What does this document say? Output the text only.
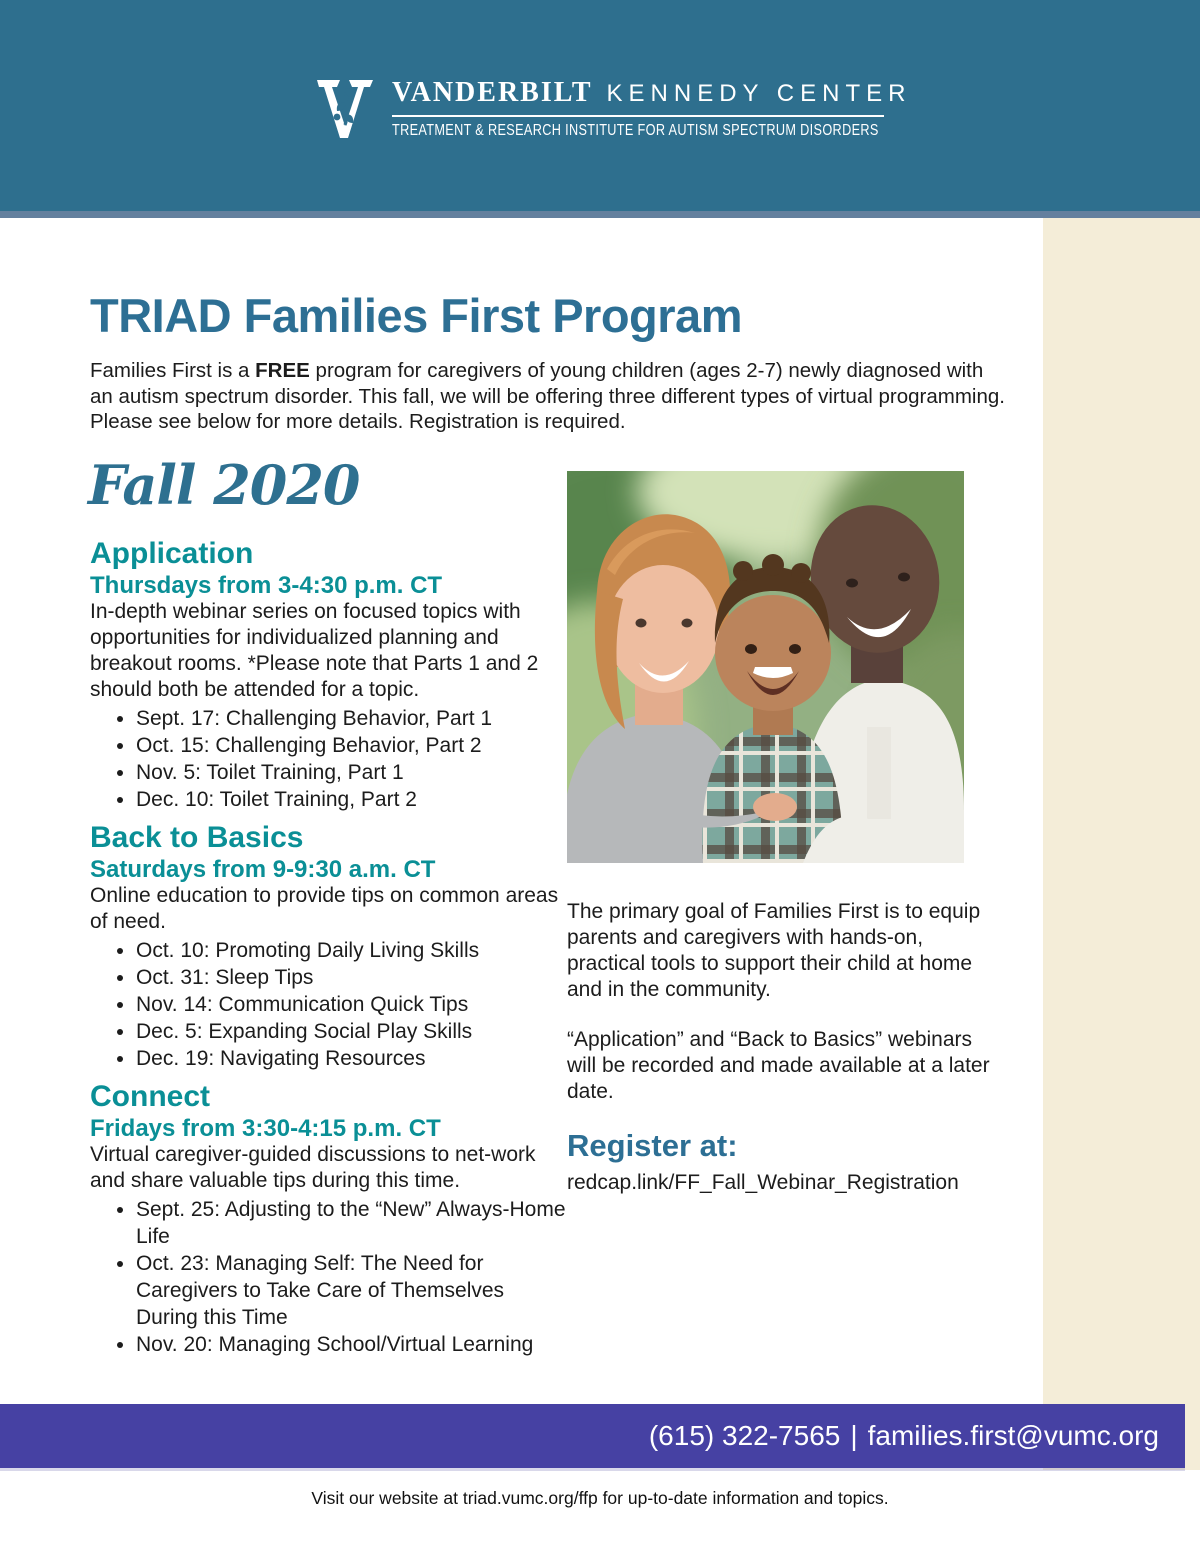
VANDERBILT KENNEDY CENTER
TREATMENT & RESEARCH INSTITUTE FOR AUTISM SPECTRUM DISORDERS
TRIAD Families First Program

Families First is a FREE program for caregivers of young children (ages 2-7) newly diagnosed with an autism spectrum disorder. This fall, we will be offering three different types of virtual programming. Please see below for more details. Registration is required.

Fall 2020
Application
Thursdays from 3-4:30 p.m. CT

In-depth webinar series on focused topics with opportunities for individualized planning and breakout rooms. *Please note that Parts 1 and 2 should both be attended for a topic.

• Sept. 17: Challenging Behavior, Part 1
• Oct. 15: Challenging Behavior, Part 2
• Nov. 5: Toilet Training, Part 1
• Dec. 10: Toilet Training, Part 2
Back to Basics
Saturdays from 9-9:30 a.m. CT

Online education to provide tips on common areas of need.

• Oct. 10: Promoting Daily Living Skills
• Oct. 31: Sleep Tips
• Nov. 14: Communication Quick Tips
• Dec. 5: Expanding Social Play Skills
• Dec. 19: Navigating Resources
Connect
Fridays from 3:30-4:15 p.m. CT

Virtual caregiver-guided discussions to net-work and share valuable tips during this time.

• Sept. 25: Adjusting to the “New” Always-Home Life
• Oct. 23: Managing Self: The Need for Caregivers to Take Care of Themselves During this Time
• Nov. 20: Managing School/Virtual Learning

The primary goal of Families First is to equip parents and caregivers with hands-on, practical tools to support their child at home and in the community.

“Application” and “Back to Basics” webinars will be recorded and made available at a later date.

Register at:
redcap.link/FF_Fall_Webinar_Registration
(615) 322-7565 | families.first@vumc.org

Visit our website at triad.vumc.org/ffp for up-to-date information and topics.
